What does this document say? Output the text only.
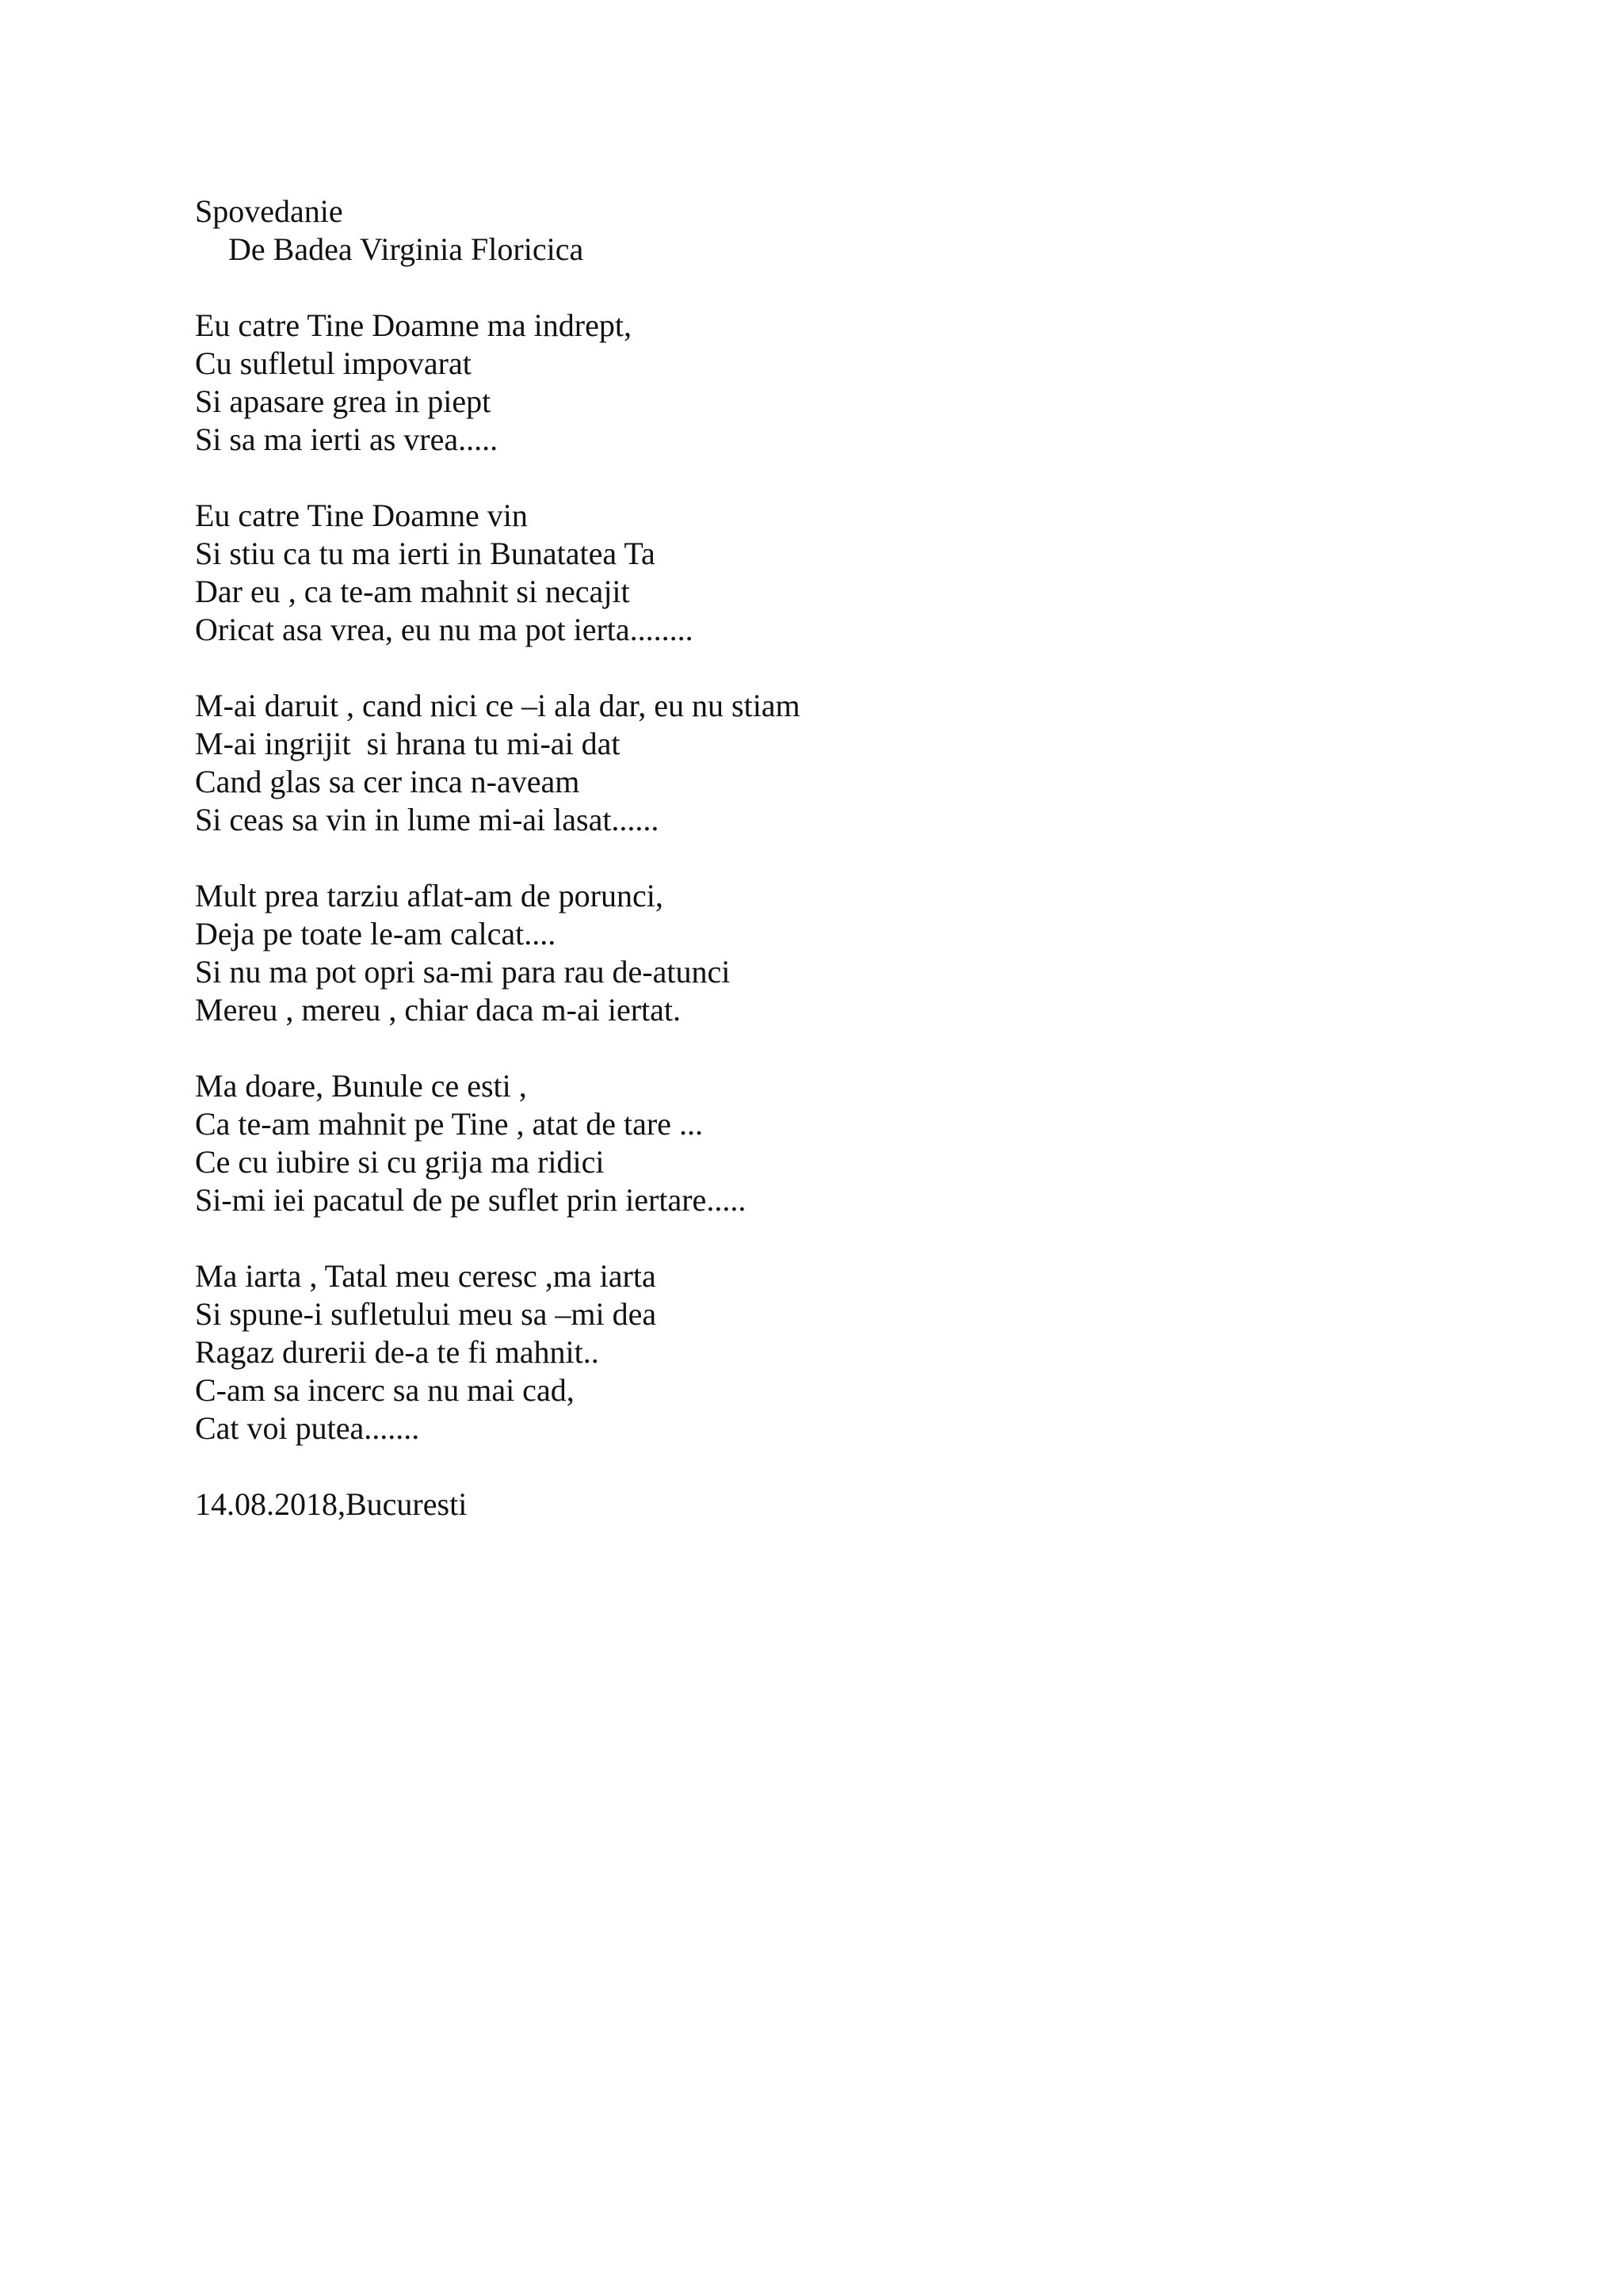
Spovedanie
De Badea Virginia Floricica
Eu catre Tine Doamne ma indrept,
Cu sufletul impovarat
Si apasare grea in piept
Si sa ma ierti as vrea.....
Eu catre Tine Doamne vin
Si stiu ca tu ma ierti in Bunatatea Ta
Dar eu , ca te-am mahnit si necajit
Oricat asa vrea, eu nu ma pot ierta........
M-ai daruit , cand nici ce –i ala dar, eu nu stiam
M-ai ingrijit  si hrana tu mi-ai dat
Cand glas sa cer inca n-aveam
Si ceas sa vin in lume mi-ai lasat......
Mult prea tarziu aflat-am de porunci,
Deja pe toate le-am calcat....
Si nu ma pot opri sa-mi para rau de-atunci
Mereu , mereu , chiar daca m-ai iertat.
Ma doare, Bunule ce esti ,
Ca te-am mahnit pe Tine , atat de tare ...
Ce cu iubire si cu grija ma ridici
Si-mi iei pacatul de pe suflet prin iertare.....
Ma iarta , Tatal meu ceresc ,ma iarta
Si spune-i sufletului meu sa –mi dea
Ragaz durerii de-a te fi mahnit..
C-am sa incerc sa nu mai cad,
Cat voi putea.......
14.08.2018,Bucuresti
